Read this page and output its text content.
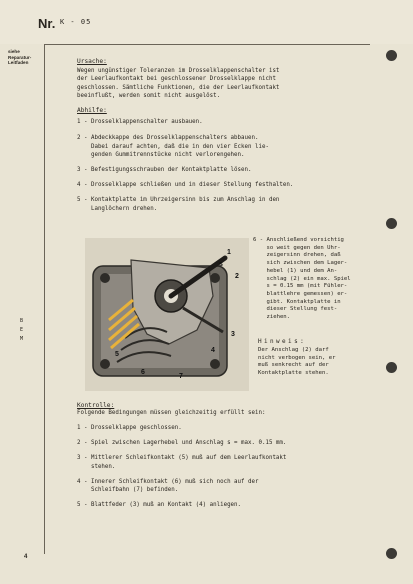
Nr. K - 05
siehe
Reparatur-
Leitfaden
B
E
M

Ursache:

Wegen ungünstiger Toleranzen im Drosselklappenschalter ist
der Leerlaufkontakt bei geschlossener Drosselklappe nicht
geschlossen. Sämtliche Funktionen, die der Leerlaufkontakt
beeinflußt, werden somit nicht ausgelöst.

Abhilfe:

1 - Drosselklappenschalter ausbauen.

2 - Abdeckkappe des Drosselklappenschalters abbauen.
Dabei darauf achten, daß die in den vier Ecken lie-
genden Gummitrennstücke nicht verlorengehen.

3 - Befestigungsschrauben der Kontaktplatte lösen.

4 - Drosselklappe schließen und in dieser Stellung festhalten.

5 - Kontaktplatte im Uhrzeigersinn bis zum Anschlag in den
Langlöchern drehen.

1
2
3
4
5
6
7
s
6 - Anschließend vorsichtig
so weit gegen den Uhr-
zeigersinn drehen, daß
sich zwischen dem Lager-
hebel (1) und dem An-
schlag (2) ein max. Spiel
s = 0.15 mm (mit Fühler-
blattlehre gemessen) er-
gibt. Kontaktplatte in
dieser Stellung fest-
ziehen.
Hinweis:
Der Anschlag (2) darf
nicht verbogen sein, er
muß senkrecht auf der
Kontaktplatte stehen.
Kontrolle:
Folgende Bedingungen müssen gleichzeitig erfüllt sein:

1 - Drosselklappe geschlossen.

2 - Spiel zwischen Lagerhebel und Anschlag s = max. 0.15 mm.

3 - Mittlerer Schleifkontakt (5) muß auf dem Leerlaufkontakt
stehen.

4 - Innerer Schleifkontakt (6) muß sich noch auf der
Schleifbahn (7) befinden.

5 - Blattfeder (3) muß an Kontakt (4) anliegen.

4
